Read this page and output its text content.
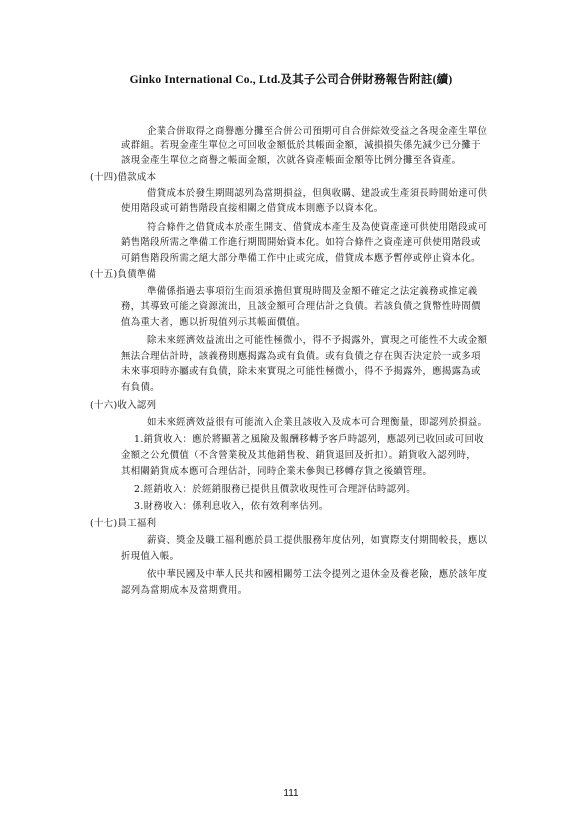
Ginko International Co., Ltd.及其子公司合併財務報告附註(續)
企業合併取得之商譽應分攤至合併公司預期可自合併綜效受益之各現金產生單位
或群組。若現金產生單位之可回收金額低於其帳面金額，減損損失係先減少已分攤于
該現金產生單位之商譽之帳面金額，次就各資產帳面金額等比例分攤至各資產。
(十四)借款成本
借貸成本於發生期間認列為當期損益，但與收購、建設或生產須長時間始達可供
使用階段或可銷售階段直接相關之借貸成本則應予以資本化。
符合條件之借貸成本於產生開支、借貸成本產生及為使資產達可供使用階段或可
銷售階段所需之準備工作進行期間開始資本化。如符合條件之資產達可供使用階段或
可銷售階段所需之絕大部分準備工作中止或完成，借貸成本應予暫停或停止資本化。
(十五)負債準備
準備係指過去事項衍生而須承擔但實現時間及金額不確定之法定義務或推定義
務，其導致可能之資源流出，且該金額可合理估計之負債。若該負債之貨幣性時間價
值為重大者，應以折現值列示其帳面價值。
除未來經濟效益流出之可能性極微小，得不予揭露外，實現之可能性不大或金額
無法合理估計時，該義務則應揭露為或有負債。或有負債之存在與否決定於一或多項
未來事項時亦屬或有負債，除未來實現之可能性極微小，得不予揭露外，應揭露為或
有負債。
(十六)收入認列
如未來經濟效益很有可能流入企業且該收入及成本可合理衡量，即認列於損益。
1.銷貨收入：應於將顯著之風險及報酬移轉予客戶時認列，應認列已收回或可回收
金額之公允價值（不含營業稅及其他銷售稅、銷貨退回及折扣）。銷貨收入認列時，
其相關銷貨成本應可合理估計，同時企業未參與已移轉存貨之後續管理。
2.經銷收入：於經銷服務已提供且價款收現性可合理評估時認列。
3.財務收入：係利息收入，依有效利率估列。
(十七)員工福利
薪資、獎金及職工福利應於員工提供服務年度估列，如實際支付期間較長，應以
折現值入帳。
依中華民國及中華人民共和國相關勞工法令提列之退休金及養老險，應於該年度
認列為當期成本及當期費用。
111
